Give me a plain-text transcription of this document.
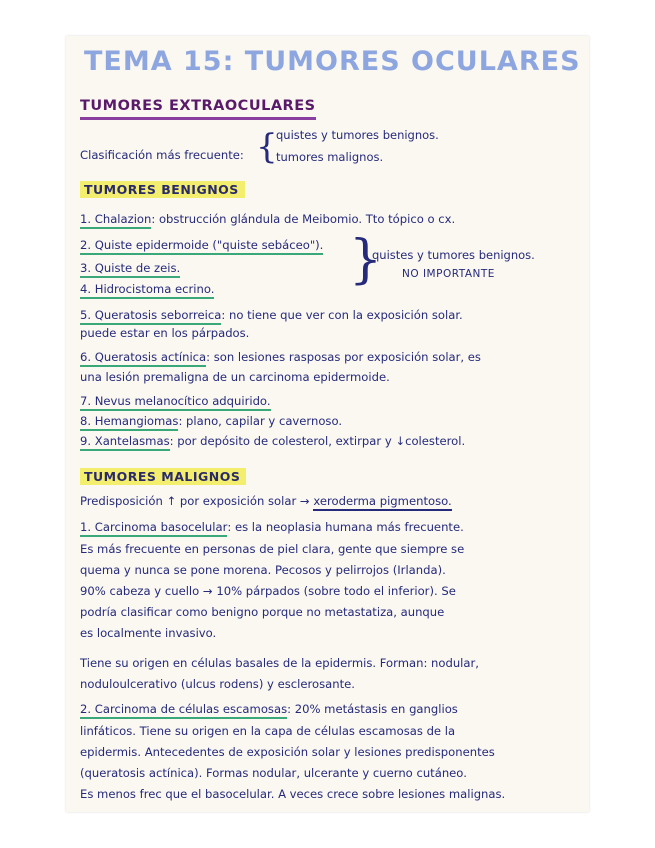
TEMA 15: TUMORES OCULARES
TUMORES EXTRAOCULARES
Clasificación más frecuente: {
quistes y tumores benignos.
tumores malignos.
TUMORES BENIGNOS
1. Chalazion: obstrucción glándula de Meibomio. Tto tópico o cx.
2. Quiste epidermoide ("quiste sebáceo").
3. Quiste de zeis.
4. Hidrocistoma ecrino.	}
quistes y tumores benignos.
NO IMPORTANTE
5. Queratosis seborreica: no tiene que ver con la exposición solar.
puede estar en los párpados.
6. Queratosis actínica: son lesiones rasposas por exposición solar, es
una lesión premaligna de un carcinoma epidermoide.
7. Nevus melanocítico adquirido.
8. Hemangiomas: plano, capilar y cavernoso.
9. Xantelasmas: por depósito de colesterol, extirpar y ↓colesterol.
TUMORES MALIGNOS
Predisposición ↑ por exposición solar → xeroderma pigmentoso.
1. Carcinoma basocelular: es la neoplasia humana más frecuente.
Es más frecuente en personas de piel clara, gente que siempre se
quema y nunca se pone morena. Pecosos y pelirrojos (Irlanda).
90% cabeza y cuello → 10% párpados (sobre todo el inferior). Se
podría clasificar como benigno porque no metastatiza, aunque
es localmente invasivo.
Tiene su origen en células basales de la epidermis. Forman: nodular,
noduloulcerativo (ulcus rodens) y esclerosante.
2. Carcinoma de células escamosas: 20% metástasis en ganglios
linfáticos. Tiene su origen en la capa de células escamosas de la
epidermis. Antecedentes de exposición solar y lesiones predisponentes
(queratosis actínica). Formas nodular, ulcerante y cuerno cutáneo.
Es menos frec que el basocelular. A veces crece sobre lesiones malignas.
